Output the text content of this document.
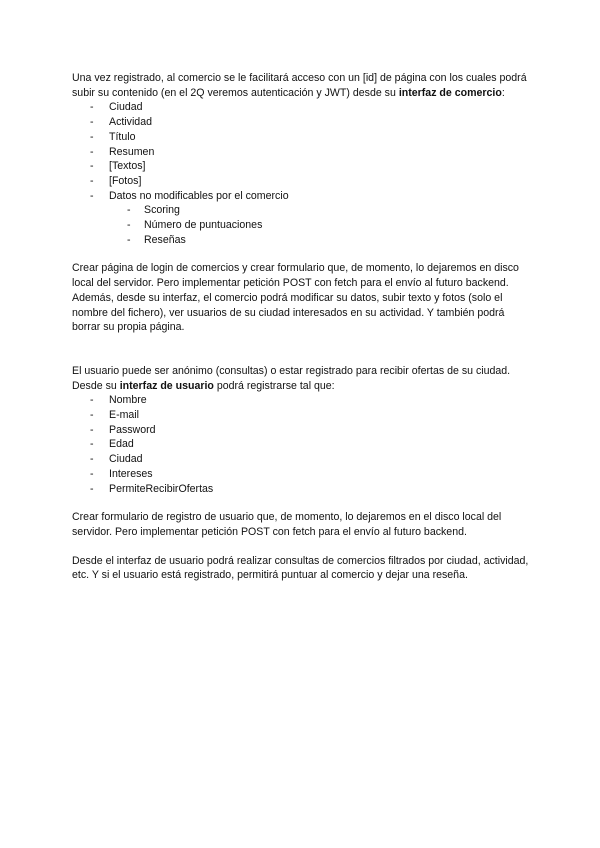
Una vez registrado, al comercio se le facilitará acceso con un [id] de página con los cuales podrá subir su contenido (en el 2Q veremos autenticación y JWT) desde su interfaz de comercio:

- Ciudad
- Actividad
- Título
- Resumen
- [Textos]
- [Fotos]
- Datos no modificables por el comercio
- Scoring
- Número de puntuaciones
- Reseñas

Crear página de login de comercios y crear formulario que, de momento, lo dejaremos en disco local del servidor. Pero implementar petición POST con fetch para el envío al futuro backend.

Además, desde su interfaz, el comercio podrá modificar su datos, subir texto y fotos (solo el nombre del fichero), ver usuarios de su ciudad interesados en su actividad. Y también podrá borrar su propia página.

El usuario puede ser anónimo (consultas) o estar registrado para recibir ofertas de su ciudad. Desde su interfaz de usuario podrá registrarse tal que:

- Nombre
- E-mail
- Password
- Edad
- Ciudad
- Intereses
- PermiteRecibirOfertas

Crear formulario de registro de usuario que, de momento, lo dejaremos en el disco local del servidor. Pero implementar petición POST con fetch para el envío al futuro backend.

Desde el interfaz de usuario podrá realizar consultas de comercios filtrados por ciudad, actividad, etc. Y si el usuario está registrado, permitirá puntuar al comercio y dejar una reseña.
